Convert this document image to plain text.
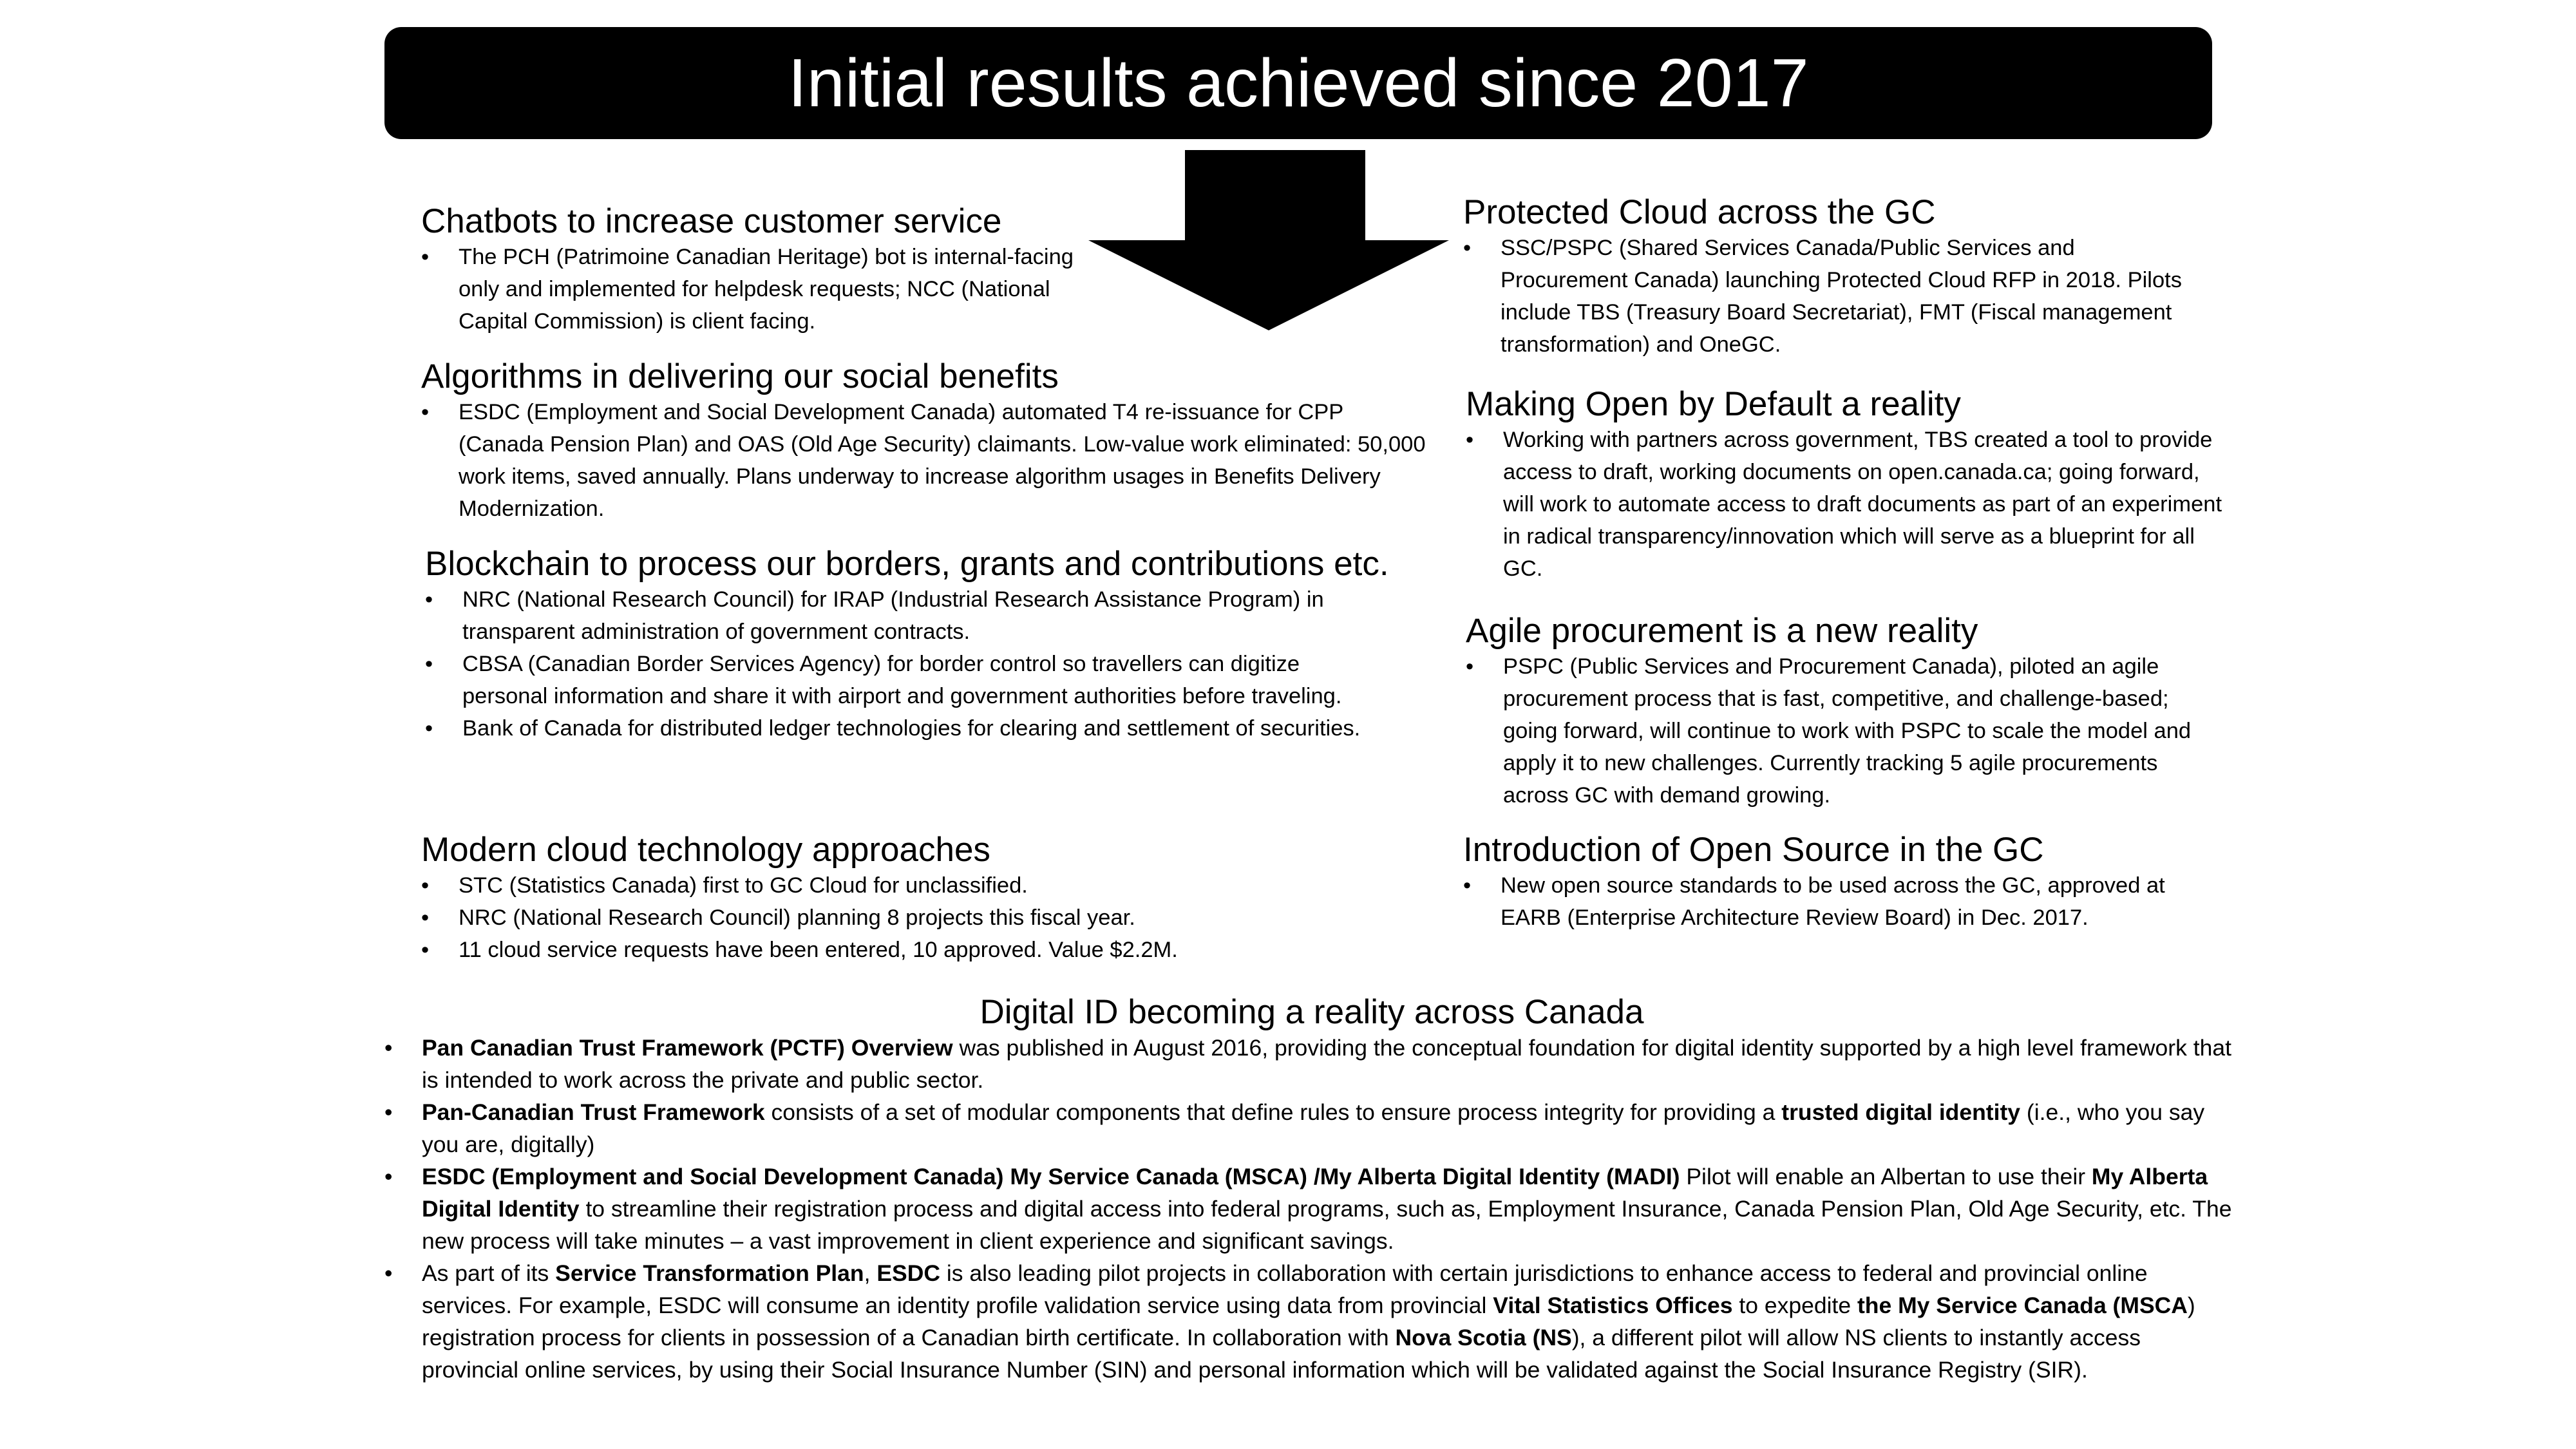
Initial results achieved since 2017
Chatbots to increase customer service
• The PCH (Patrimoine Canadian Heritage) bot is internal-facing only and implemented for helpdesk requests; NCC (National Capital Commission) is client facing.
Algorithms in delivering our social benefits
• ESDC (Employment and Social Development Canada) automated T4 re-issuance for CPP (Canada Pension Plan) and OAS (Old Age Security) claimants. Low-value work eliminated: 50,000 work items, saved annually. Plans underway to increase algorithm usages in Benefits Delivery Modernization.
Blockchain to process our borders, grants and contributions etc.
• NRC (National Research Council) for IRAP (Industrial Research Assistance Program) in transparent administration of government contracts.
• CBSA (Canadian Border Services Agency) for border control so travellers can digitize personal information and share it with airport and government authorities before traveling.
• Bank of Canada for distributed ledger technologies for clearing and settlement of securities.
Modern cloud technology approaches
• STC (Statistics Canada) first to GC Cloud for unclassified.
• NRC (National Research Council) planning 8 projects this fiscal year.
• 11 cloud service requests have been entered, 10 approved. Value $2.2M.
Protected Cloud across the GC
• SSC/PSPC (Shared Services Canada/Public Services and Procurement Canada) launching Protected Cloud RFP in 2018. Pilots include TBS (Treasury Board Secretariat), FMT (Fiscal management transformation) and OneGC.
Making Open by Default a reality
• Working with partners across government, TBS created a tool to provide access to draft, working documents on open.canada.ca; going forward, will work to automate access to draft documents as part of an experiment in radical transparency/innovation which will serve as a blueprint for all GC.
Agile procurement is a new reality
• PSPC (Public Services and Procurement Canada), piloted an agile procurement process that is fast, competitive, and challenge-based; going forward, will continue to work with PSPC to scale the model and apply it to new challenges. Currently tracking 5 agile procurements across GC with demand growing.
Introduction of Open Source in the GC
• New open source standards to be used across the GC, approved at EARB (Enterprise Architecture Review Board) in Dec. 2017.
Digital ID becoming a reality across Canada
• Pan Canadian Trust Framework (PCTF) Overview was published in August 2016, providing the conceptual foundation for digital identity supported by a high level framework that is intended to work across the private and public sector.
• Pan-Canadian Trust Framework consists of a set of modular components that define rules to ensure process integrity for providing a trusted digital identity (i.e., who you say you are, digitally)
• ESDC (Employment and Social Development Canada) My Service Canada (MSCA) /My Alberta Digital Identity (MADI) Pilot will enable an Albertan to use their My Alberta Digital Identity to streamline their registration process and digital access into federal programs, such as, Employment Insurance, Canada Pension Plan, Old Age Security, etc. The new process will take minutes – a vast improvement in client experience and significant savings.
• As part of its Service Transformation Plan, ESDC is also leading pilot projects in collaboration with certain jurisdictions to enhance access to federal and provincial online services. For example, ESDC will consume an identity profile validation service using data from provincial Vital Statistics Offices to expedite the My Service Canada (MSCA) registration process for clients in possession of a Canadian birth certificate. In collaboration with Nova Scotia (NS), a different pilot will allow NS clients to instantly access provincial online services, by using their Social Insurance Number (SIN) and personal information which will be validated against the Social Insurance Registry (SIR).
